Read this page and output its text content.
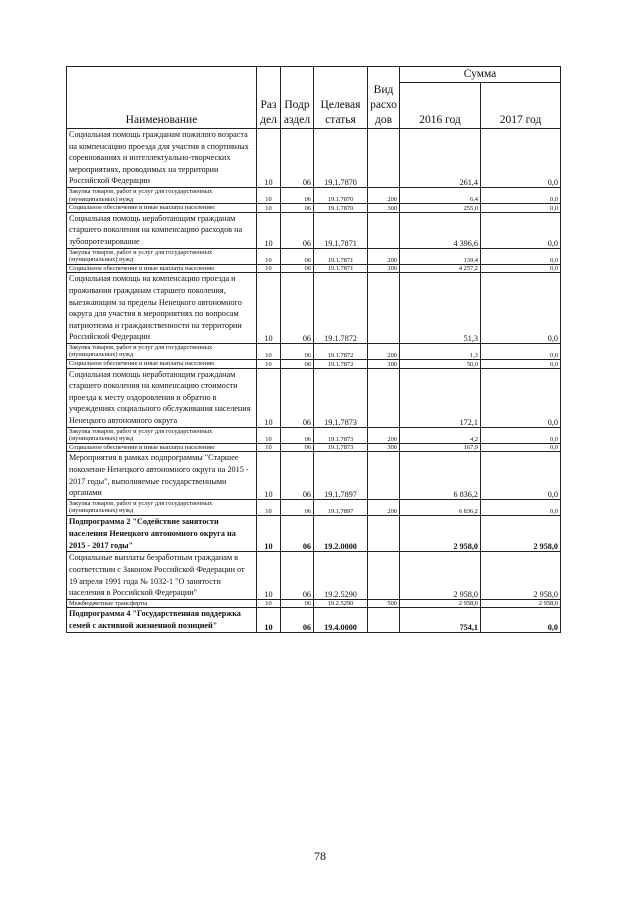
Наименование	Раз дел	Подр аздел	Целевая статья	Вид расхо дов	Сумма	
					2016 год	2017 год
Социальная помощь гражданам пожилого возраста на компенсацию проезда для участия в спортивных соревнованиях и интеллектуально-творческих мероприятиях, проводимых на территории Российской Федерации	10	06	19.1.7870		261,4	0,0
Закупка товаров, работ и услуг для государственных (муниципальных) нужд	10	06	19.1.7870	200	6,4	0,0
Социальное обеспечение и иные выплаты населению	10	06	19.1.7870	300	255,0	0,0
Социальная помощь неработающим гражданам старшего поколения на компенсацию расходов на зубопротезирование	10	06	19.1.7871		4 396,6	0,0
Закупка товаров, работ и услуг для государственных (муниципальных) нужд	10	06	19.1.7871	200	139,4	0,0
Социальное обеспечение и иные выплаты населению	10	06	19.1.7871	300	4 257,2	0,0
Социальная помощь на компенсацию проезда и проживания гражданам старшего поколения, выезжающим за пределы Ненецкого автономного округа для участия в мероприятиях по вопросам патриотизма и гражданственности на территории Российской Федерации	10	06	19.1.7872		51,3	0,0
Закупка товаров, работ и услуг для государственных (муниципальных) нужд	10	06	19.1.7872	200	1,3	0,0
Социальное обеспечение и иные выплаты населению	10	06	19.1.7872	300	50,0	0,0
Социальная помощь неработающим гражданам старшего поколения на компенсацию стоимости проезда к месту оздоровления и обратно в учреждениях социального обслуживания населения Ненецкого автономного округа	10	06	19.1.7873		172,1	0,0
Закупка товаров, работ и услуг для государственных (муниципальных) нужд	10	06	19.1.7873	200	4,2	0,0
Социальное обеспечение и иные выплаты населению	10	06	19.1.7873	300	167,9	0,0
Мероприятия в рамках подпрограммы "Старшее поколение Ненецкого автономного округа на 2015 - 2017 годы", выполняемые государственными органами	10	06	19.1.7897		6 836,2	0,0
Закупка товаров, работ и услуг для государственных (муниципальных) нужд	10	06	19.1.7897	200	6 836,2	0,0
Подпрограмма 2 "Содействие занятости населения Ненецкого автономного округа на 2015 - 2017 годы"	10	06	19.2.0000		2 958,0	2 958,0
Социальные выплаты безработным гражданам в соответствии с Законом Российской Федерации от 19 апреля 1991 года № 1032-1 "О занятости населения в Российской Федерации"	10	06	19.2.5290		2 958,0	2 958,0
Межбюджетные трансферты	10	06	19.2.5290	500	2 958,0	2 958,0
Подпрограмма 4 "Государственная поддержка семей с активной жизненной позицией"	10	06	19.4.0000		754,1	0,0
78
